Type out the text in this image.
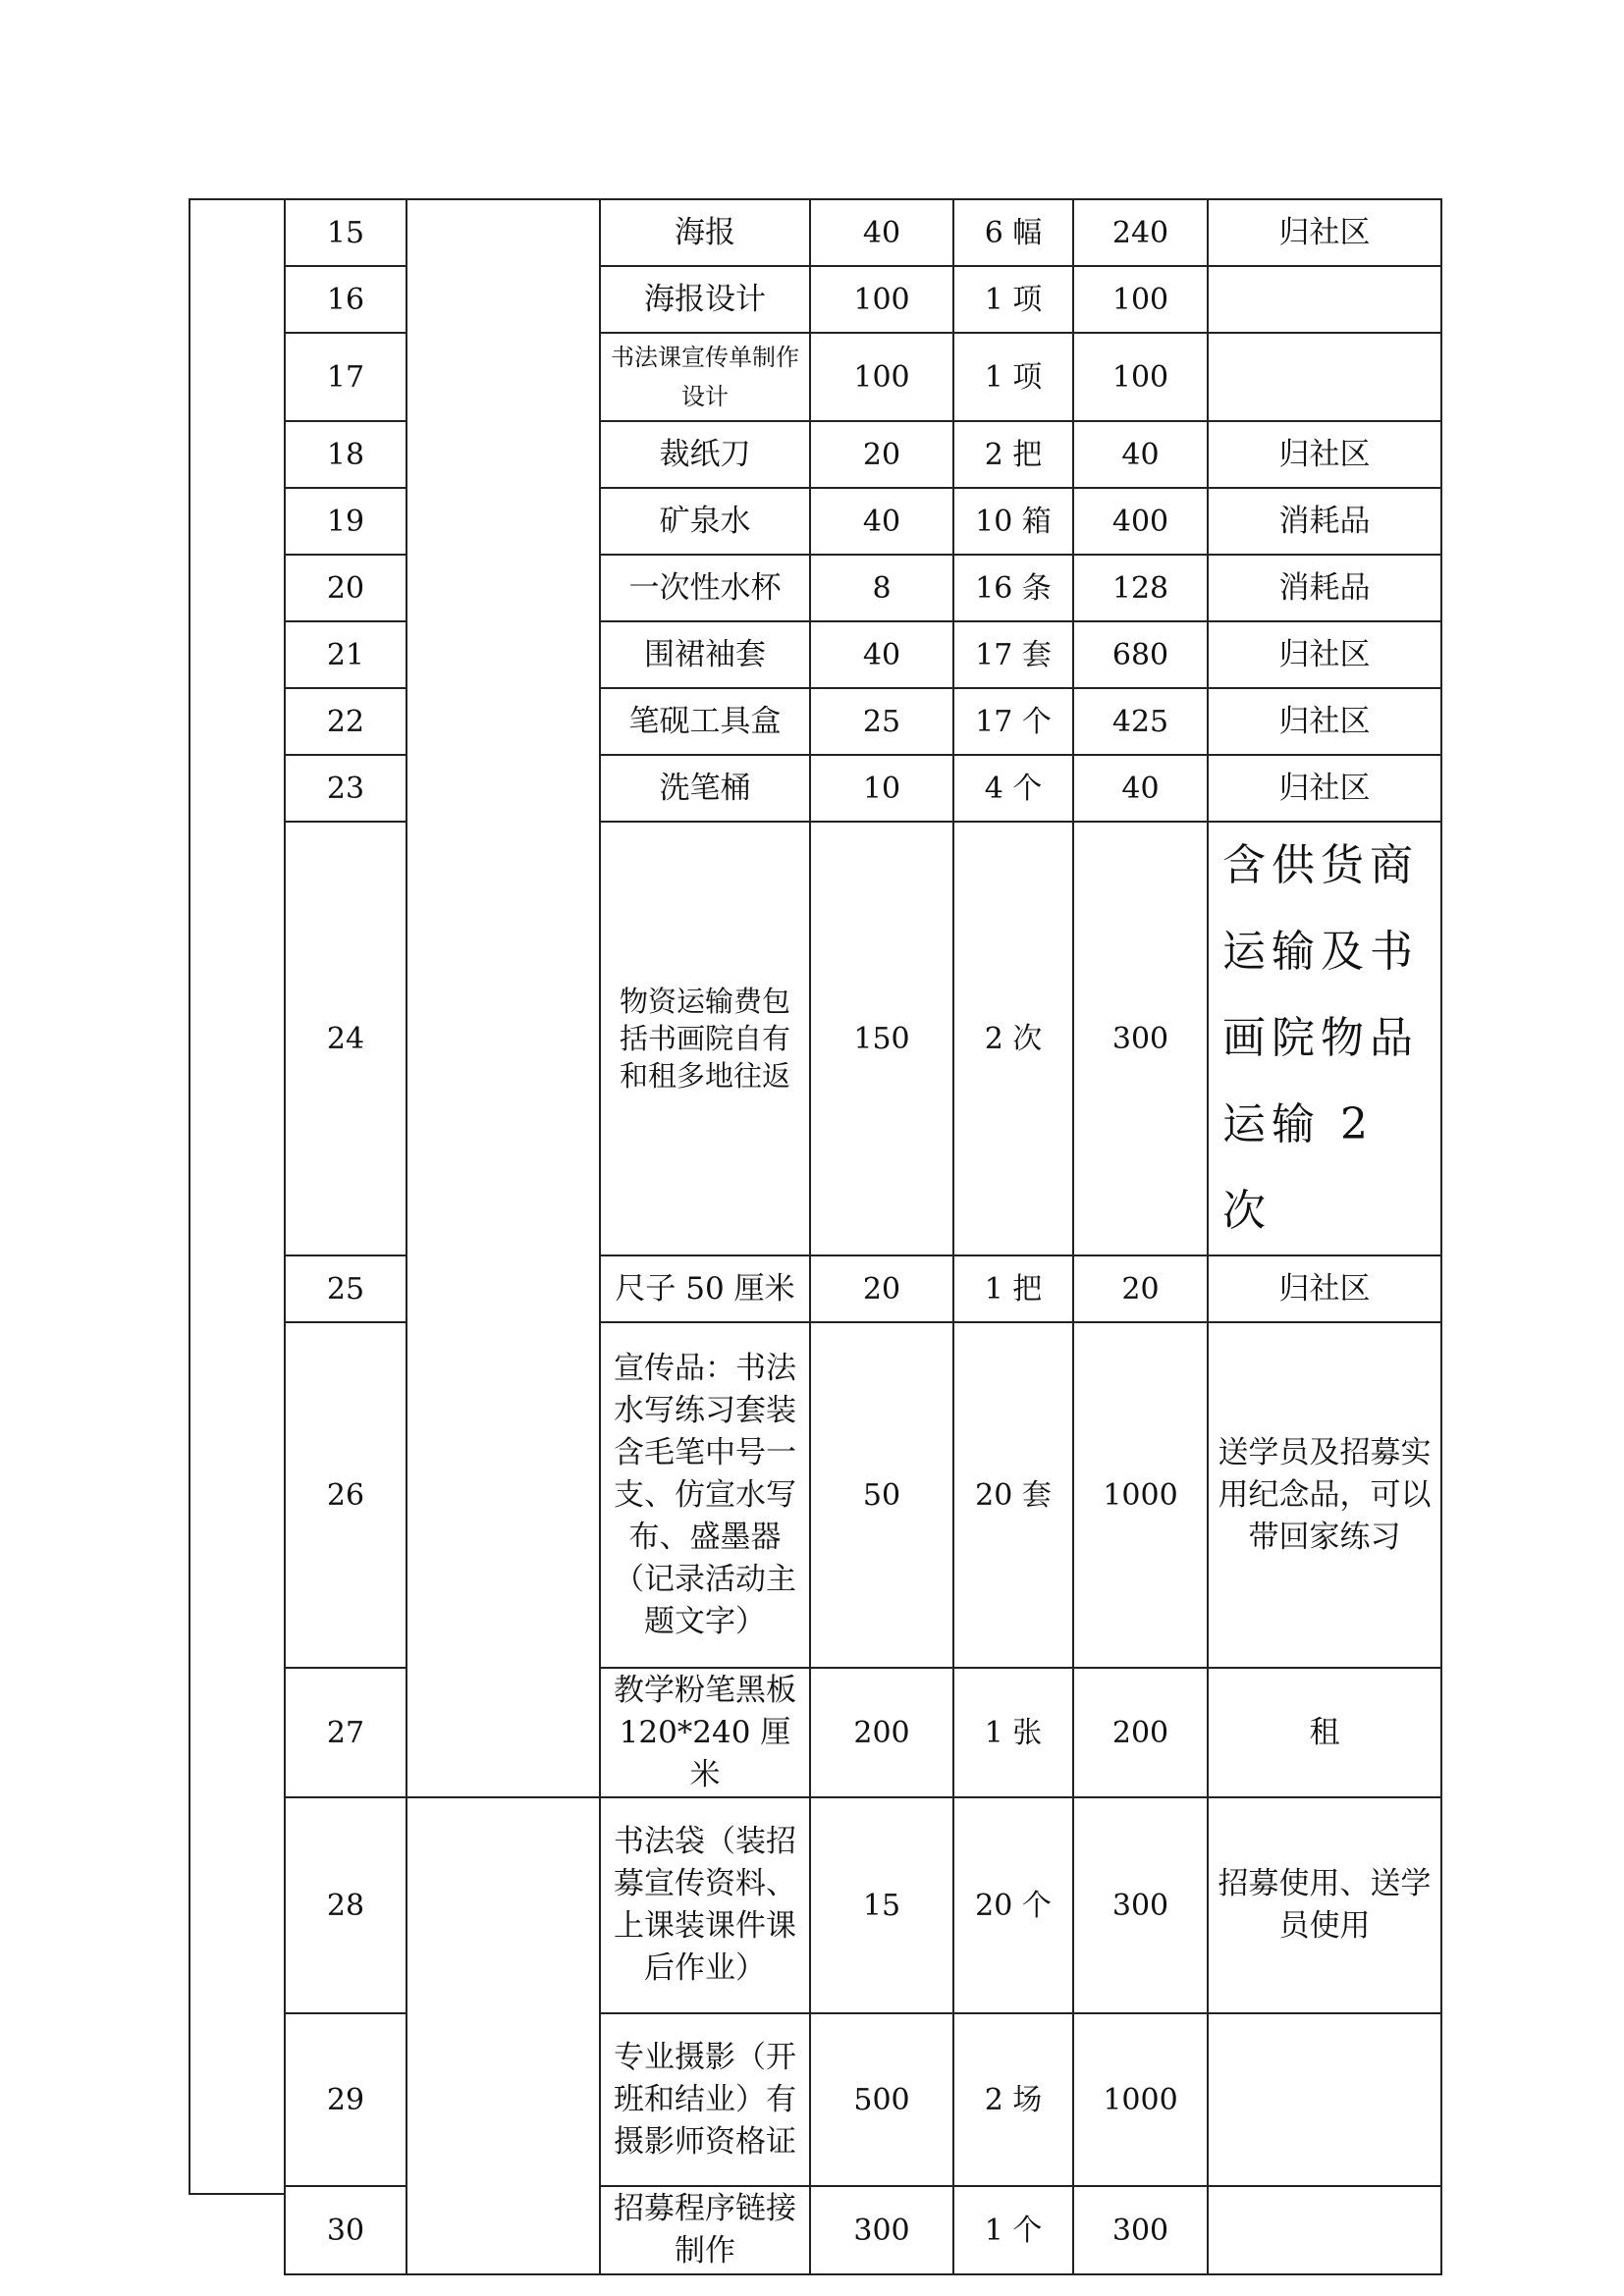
15		海报	40	6 幅	240	归社区
16		海报设计	100	1 项	100	
17		书法课宣传单制作设计	100	1 项	100	
18		裁纸刀	20	2 把	40	归社区
19		矿泉水	40	10 箱	400	消耗品
20		一次性水杯	8	16 条	128	消耗品
21		围裙袖套	40	17 套	680	归社区
22		笔砚工具盒	25	17 个	425	归社区
23		洗笔桶	10	4 个	40	归社区
24		物资运输费包括书画院自有和租多地往返	150	2 次	300	含供货商运输及书画院物品运输 2 次
25		尺子 50 厘米	20	1 把	20	归社区
26		宣传品：书法水写练习套装含毛笔中号一支、仿宣水写布、盛墨器（记录活动主题文字）	50	20 套	1000	送学员及招募实用纪念品，可以带回家练习
27		教学粉笔黑板 120*240 厘米	200	1 张	200	租
28		书法袋（装招募宣传资料、上课装课件课后作业）	15	20 个	300	招募使用、送学员使用
29		专业摄影（开班和结业）有摄影师资格证	500	2 场	1000	
30		招募程序链接制作	300	1 个	300	
